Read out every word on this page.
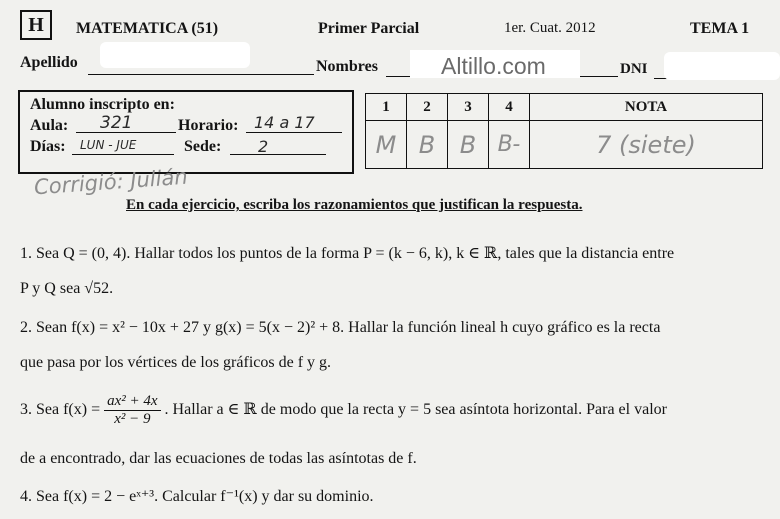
H	MATEMATICA (51)	Primer Parcial	1er. Cuat. 2012	TEMA 1
Apellido	Nombres	Altillo.com	DNI
Alumno inscripto en:
Aula: 321	Horario: 14 a 17
Días: LUN - JUE	Sede: 2
1	2	3	4	NOTA
M	B	B	B-	7 (siete)
Corrigió: Julián
En cada ejercicio, escriba los razonamientos que justifican la respuesta.
1. Sea Q = (0, 4). Hallar todos los puntos de la forma P = (k − 6, k), k ∈ ℝ, tales que la distancia entre
P y Q sea √52.
2. Sean f(x) = x² − 10x + 27 y g(x) = 5(x − 2)² + 8. Hallar la función lineal h cuyo gráfico es la recta
que pasa por los vértices de los gráficos de f y g.
3. Sea $f(x) = \frac{\text{ax² + 4x}}{\text{x² − 9}}$ . Hallar a ∈ ℝ de modo que la recta y = 5 sea asíntota horizontal. Para el valor
de a encontrado, dar las ecuaciones de todas las asíntotas de f.
4. Sea f(x) = 2 − eˣ⁺³. Calcular f⁻¹(x) y dar su dominio.
